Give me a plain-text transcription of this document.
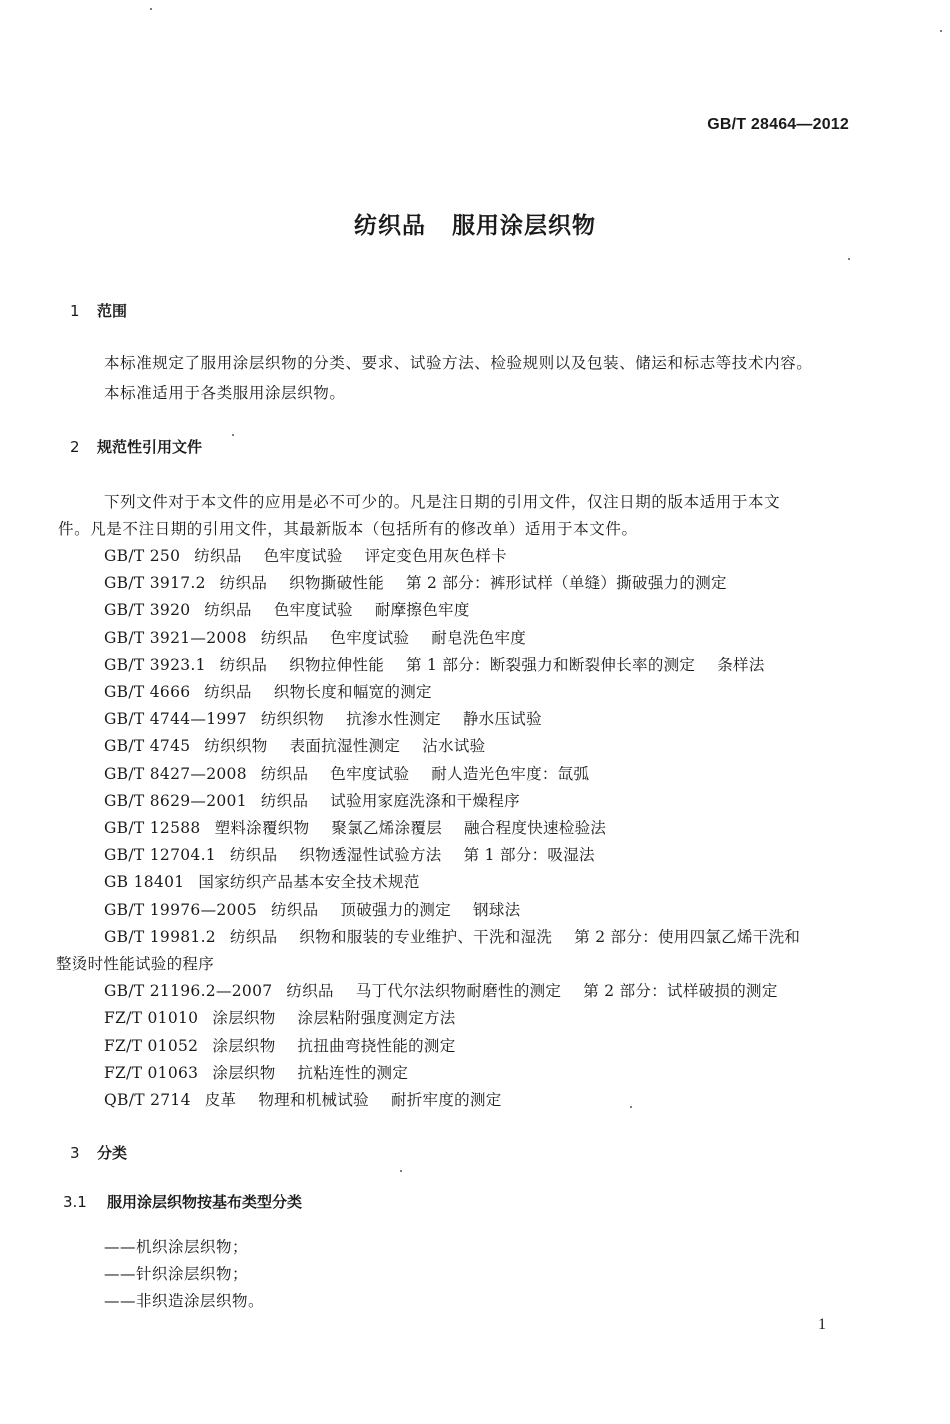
GB/T 28464—2012
纺织品 服用涂层织物
1 范围
本标准规定了服用涂层织物的分类、要求、试验方法、检验规则以及包装、储运和标志等技术内容。
本标准适用于各类服用涂层织物。
2 规范性引用文件
下列文件对于本文件的应用是必不可少的。凡是注日期的引用文件，仅注日期的版本适用于本文
件。凡是不注日期的引用文件，其最新版本（包括所有的修改单）适用于本文件。
GB/T 250 纺织品 色牢度试验 评定变色用灰色样卡
GB/T 3917.2 纺织品 织物撕破性能 第 2 部分：裤形试样（单缝）撕破强力的测定
GB/T 3920 纺织品 色牢度试验 耐摩擦色牢度
GB/T 3921—2008 纺织品 色牢度试验 耐皂洗色牢度
GB/T 3923.1 纺织品 织物拉伸性能 第 1 部分：断裂强力和断裂伸长率的测定 条样法
GB/T 4666 纺织品 织物长度和幅宽的测定
GB/T 4744—1997 纺织织物 抗渗水性测定 静水压试验
GB/T 4745 纺织织物 表面抗湿性测定 沾水试验
GB/T 8427—2008 纺织品 色牢度试验 耐人造光色牢度：氙弧
GB/T 8629—2001 纺织品 试验用家庭洗涤和干燥程序
GB/T 12588 塑料涂覆织物 聚氯乙烯涂覆层 融合程度快速检验法
GB/T 12704.1 纺织品 织物透湿性试验方法 第 1 部分：吸湿法
GB 18401 国家纺织产品基本安全技术规范
GB/T 19976—2005 纺织品 顶破强力的测定 钢球法
GB/T 19981.2 纺织品 织物和服装的专业维护、干洗和湿洗 第 2 部分：使用四氯乙烯干洗和
整烫时性能试验的程序
GB/T 21196.2—2007 纺织品 马丁代尔法织物耐磨性的测定 第 2 部分：试样破损的测定
FZ/T 01010 涂层织物 涂层粘附强度测定方法
FZ/T 01052 涂层织物 抗扭曲弯挠性能的测定
FZ/T 01063 涂层织物 抗粘连性的测定
QB/T 2714 皮革 物理和机械试验 耐折牢度的测定
3 分类
3.1 服用涂层织物按基布类型分类
——机织涂层织物；
——针织涂层织物；
——非织造涂层织物。
1
